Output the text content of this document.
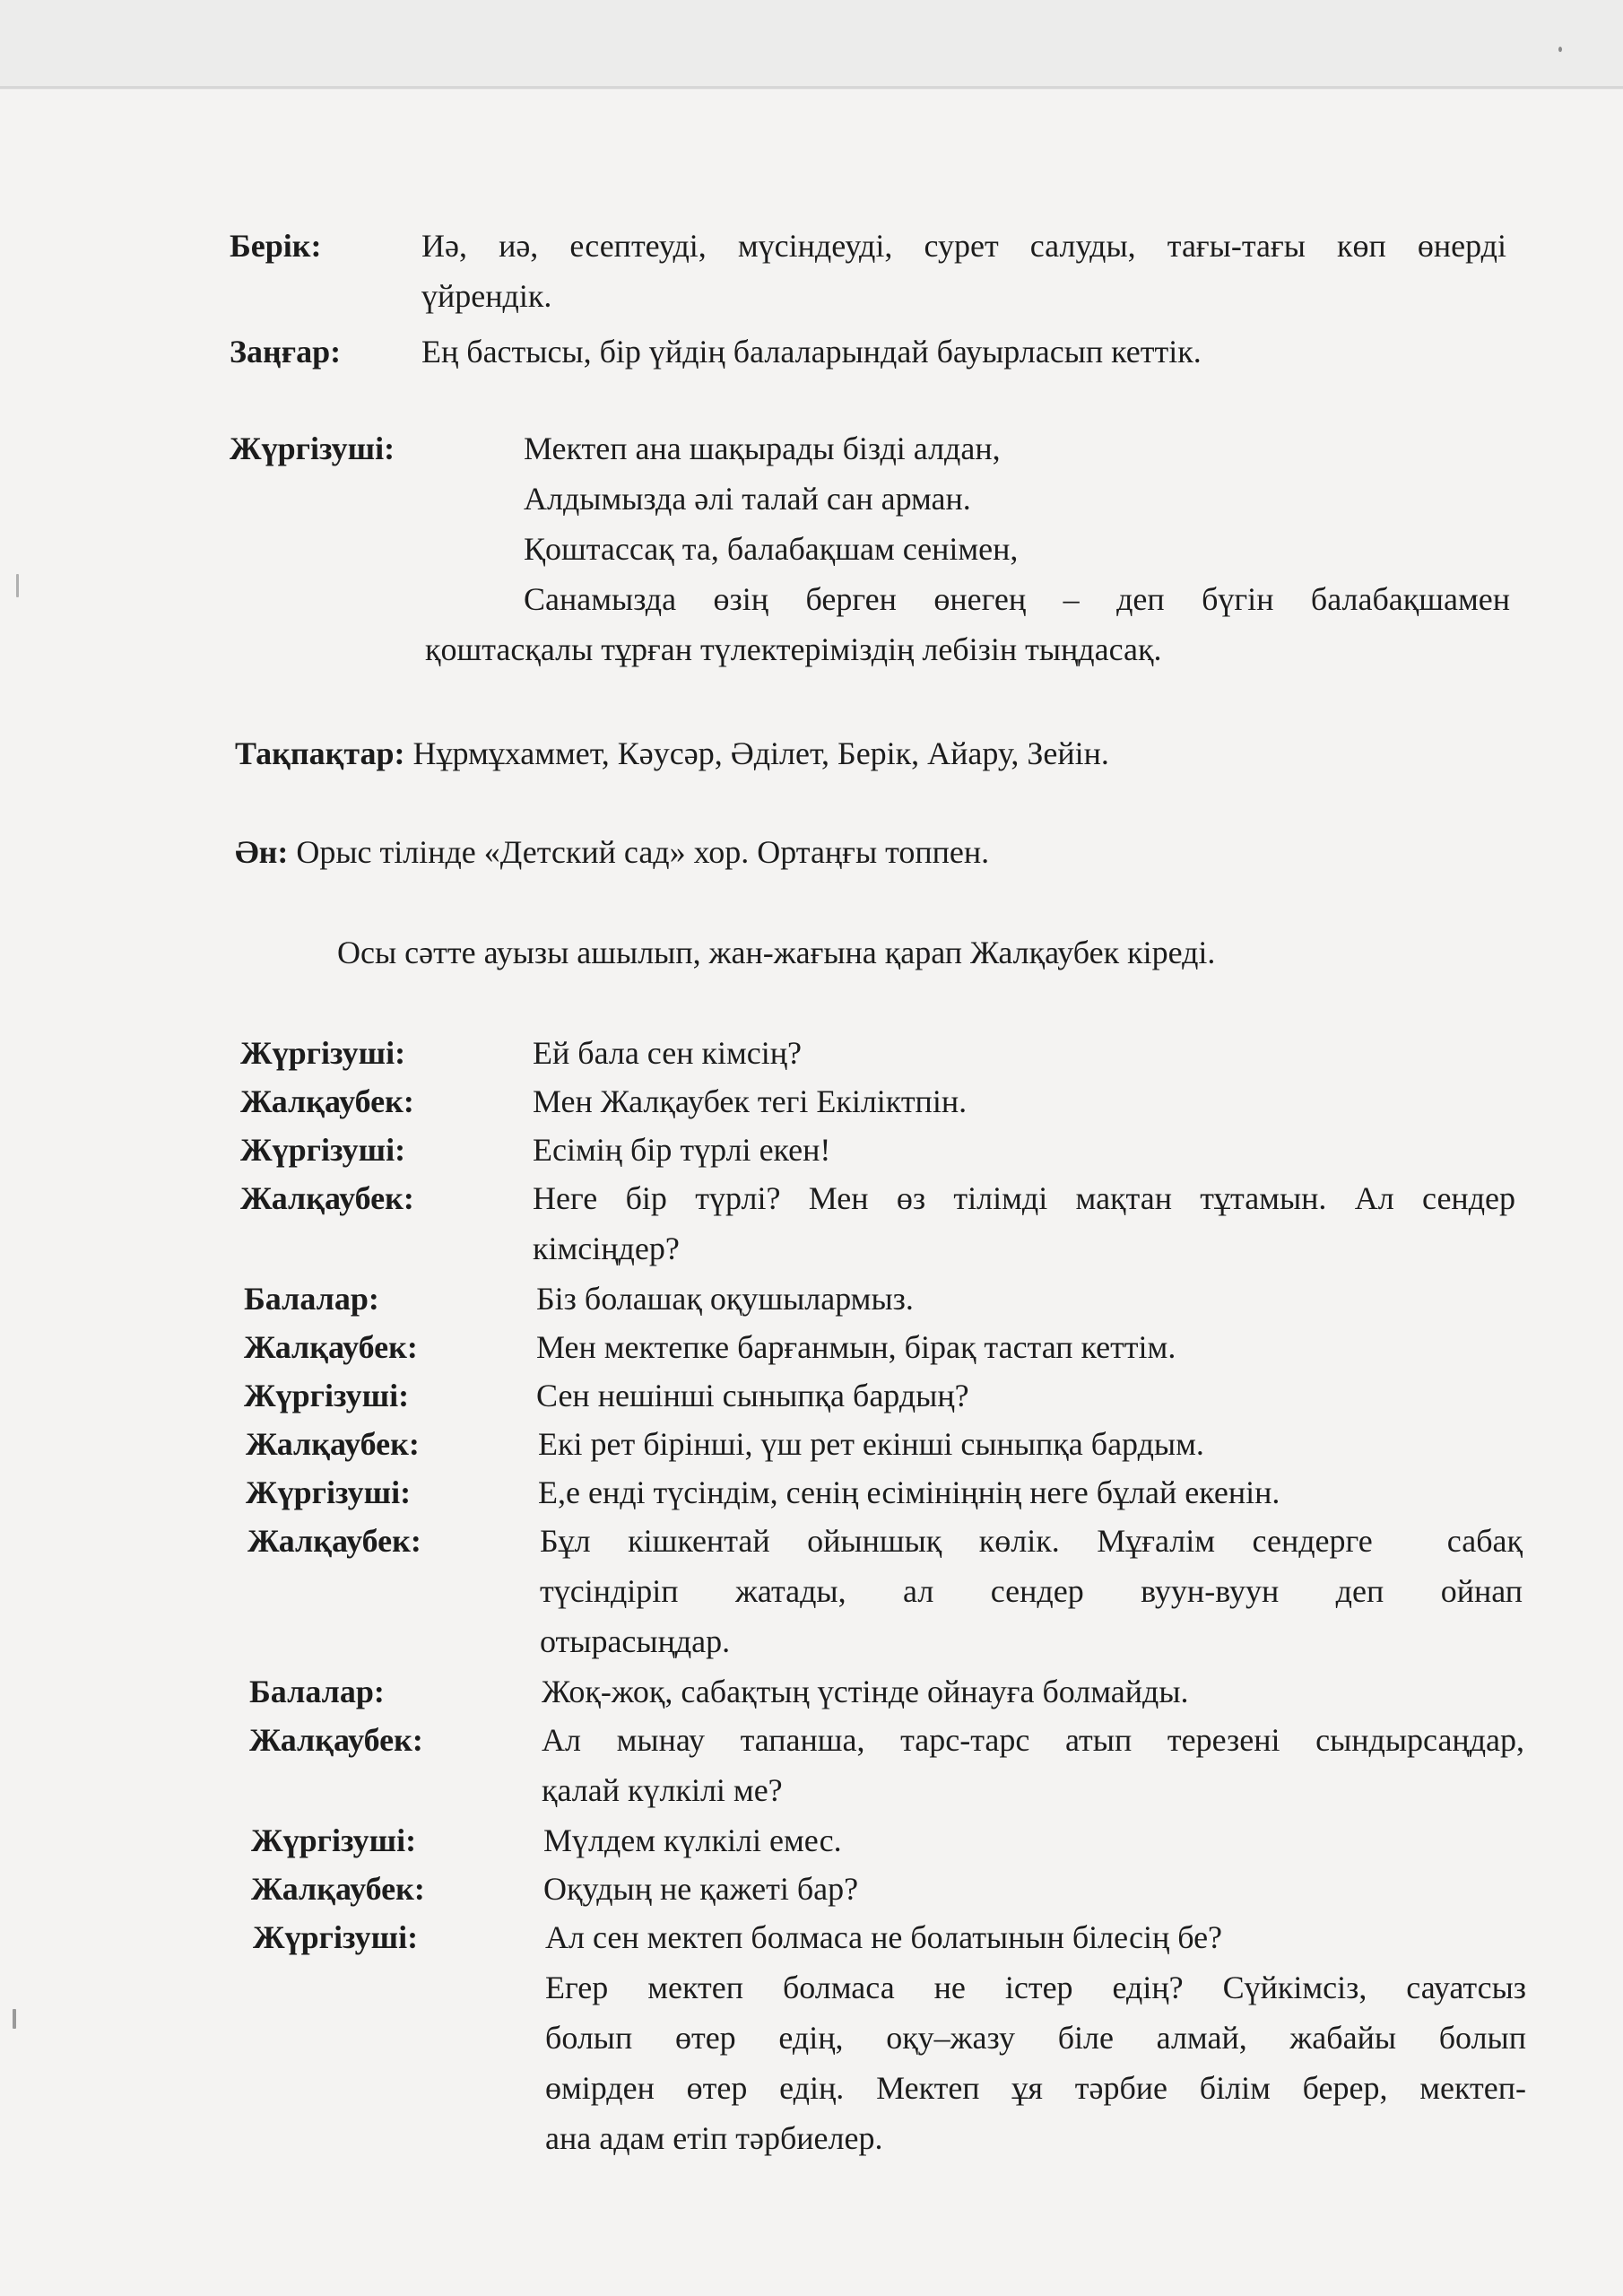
Берік:	Иә, иә, есептеуді, мүсіндеуді, сурет салуды, тағы-тағы көп өнерді
үйрендік.
Заңғар: Ең бастысы, бір үйдің балаларындай бауырласып кеттік.
Жүргізуші:	Мектеп ана шақырады бізді алдан,
Алдымызда әлі талай сан арман.
Қоштассақ та, балабақшам сенімен,
Санамызда өзің берген өнегең – деп бүгін балабақшамен
қоштасқалы тұрған түлектеріміздің лебізін тыңдасақ.
Тақпақтар: Нұрмұхаммет, Кәусәр, Әділет, Берік, Айару, Зейін.
Ән: Орыс тілінде «Детский сад» хор. Ортаңғы топпен.
Осы сәтте ауызы ашылып, жан-жағына қарап Жалқаубек кіреді.
Жүргізуші:	Ей бала сен кімсің?
Жалқаубек:	Мен Жалқаубек тегі Екіліктпін.
Жүргізуші:	Есімің бір түрлі екен!
Жалқаубек:	Неге бір түрлі? Мен өз тілімді мақтан тұтамын. Ал сендер
кімсіңдер?
Балалар:	Біз болашақ оқушылармыз.
Жалқаубек:	Мен мектепке барғанмын, бірақ тастап кеттім.
Жүргізуші:	Сен нешінші сыныпқа бардың?
Жалқаубек:	Екі рет бірінші, үш рет екінші сыныпқа бардым.
Жүргізуші:	Е,е енді түсіндім, сенің есімініңнің неге бұлай екенін.
Жалқаубек:	Бұл кішкентай ойыншық көлік. Мұғалім сендерге  сабақ
түсіндіріп жатады, ал сендер вуун-вуун деп ойнап
отырасыңдар.
Балалар:	Жоқ-жоқ, сабақтың үстінде ойнауға болмайды.
Жалқаубек:	Ал мынау тапанша, тарс-тарс атып терезені сындырсаңдар,
қалай күлкілі ме?
Жүргізуші:	Мүлдем күлкілі емес.
Жалқаубек:	Оқудың не қажеті бар?
Жүргізуші:	Ал сен мектеп болмаса не болатынын білесің бе?
Егер мектеп болмаса не істер едің? Сүйкімсіз, сауатсыз
болып өтер едің, оқу–жазу біле алмай, жабайы болып
өмірден өтер едің. Мектеп ұя тәрбие білім берер, мектеп-
ана адам етіп тәрбиелер.
